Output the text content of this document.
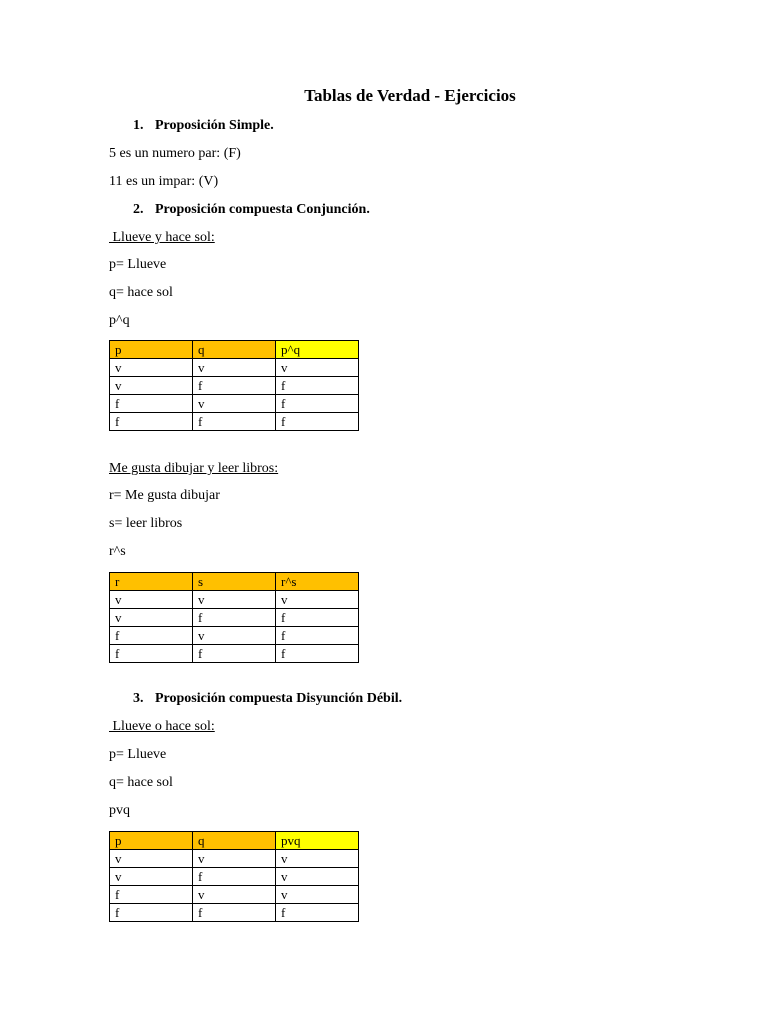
Tablas de Verdad - Ejercicios
1. Proposición Simple.
5 es un numero par: (F)
11 es un impar: (V)
2. Proposición compuesta Conjunción.
Llueve y hace sol:
p= Llueve
q= hace sol
p^q
p	q	p^q
v	v	v
v	f	f
f	v	f
f	f	f
Me gusta dibujar y leer libros:
r= Me gusta dibujar
s= leer libros
r^s
r	s	r^s
v	v	v
v	f	f
f	v	f
f	f	f
3. Proposición compuesta Disyunción Débil.
Llueve o hace sol:
p= Llueve
q= hace sol
pvq
p	q	pvq
v	v	v
v	f	v
f	v	v
f	f	f
